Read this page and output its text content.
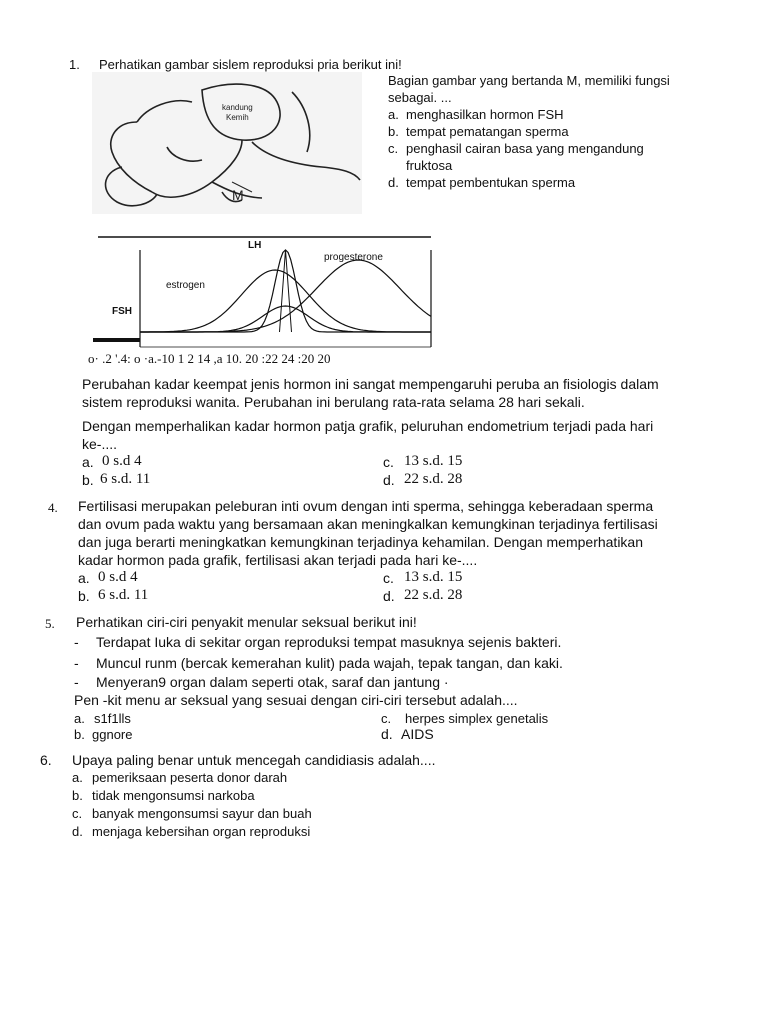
1. Perhatikan gambar sislem reproduksi pria berikut ini!
kandung
Kemih
M
Bagian gambar yang bertanda M, memiliki fungsi
sebagai. ...
a. menghasilkan hormon FSH
b. tempat pematangan sperma
c. penghasil cairan basa yang mengandung
fruktosa
d. tempat pembentukan sperma
LH
progesterone
estrogen
FSH
o· .2 '.4: o ·a.-10 1 2 14 ,a 10. 20 :22 24 :20 20
Perubahan kadar keempat jenis hormon ini sangat mempengaruhi peruba an fisiologis dalam
sistem reproduksi wanita. Perubahan ini berulang rata-rata selama 28 hari sekali.
Dengan memperhalikan kadar hormon patja grafik, peluruhan endometrium terjadi pada hari
ke-....
a. 0 s.d 4
b. 6 s.d. 11
c. 13 s.d. 15
d. 22 s.d. 28
4. Fertilisasi merupakan peleburan inti ovum dengan inti sperma, sehingga keberadaan sperma
dan ovum pada waktu yang bersamaan akan meningkalkan kemungkinan terjadinya fertilisasi
dan juga berarti meningkatkan kemungkinan terjadinya kehamilan. Dengan memperhatikan
kadar hormon pada grafik, fertilisasi akan terjadi pada hari ke-....
a. 0 s.d 4
b. 6 s.d. 11
c. 13 s.d. 15
d. 22 s.d. 28
5. Perhatikan ciri-ciri penyakit menular seksual berikut ini!
- Terdapat Iuka di sekitar organ reproduksi tempat masuknya sejenis bakteri.
- Muncul runm (bercak kemerahan kulit) pada wajah, tepak tangan, dan kaki.
- Menyeran9 organ dalam seperti otak, saraf dan jantung ·
Pen -kit menu ar seksual yang sesuai dengan ciri-ciri tersebut adalah....
a. s1f1lls
b. ggnore
c. herpes simplex genetalis
d. AIDS
6. Upaya paling benar untuk mencegah candidiasis adalah....
a. pemeriksaan peserta donor darah
b. tidak mengonsumsi narkoba
c. banyak mengonsumsi sayur dan buah
d. menjaga kebersihan organ reproduksi
